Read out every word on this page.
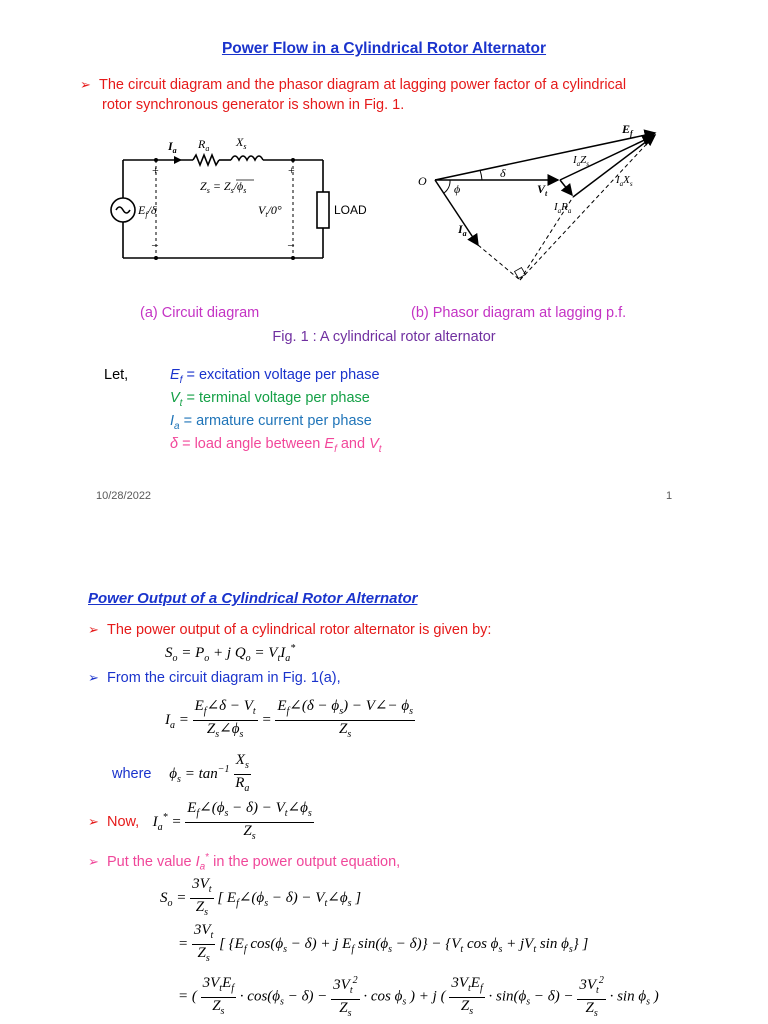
Power Flow in a Cylindrical Rotor Alternator
➢ The circuit diagram and the phasor diagram at lagging power factor of a cylindrical
rotor synchronous generator is shown in Fig. 1.
+	+
–	–
$I_a$ $R_a$ $X_s$
$Z_s = Z_s/\phi_s$
$E_f/\delta$	$V_t/0^\circ$	LOAD
O
ϕ
δ
$E_f$
$V_t$
$I_a$
$I_aR_a$
$I_aZ_s$
$I_aX_s$
(a) Circuit diagram	(b) Phasor diagram at lagging p.f.
Fig. 1 : A cylindrical rotor alternator
Let,	$E_f$ = excitation voltage per phase
$V_t$ = terminal voltage per phase
$I_a$ = armature current per phase
δ = load angle between $E_f$ and $V_t$
10/28/2022	1
Power Output of a Cylindrical Rotor Alternator
➢ The power output of a cylindrical rotor alternator is given by:
$S_o = P_o + j$ $Q_o = V_tI_a^*$
➢ From the circuit diagram in Fig. 1(a),
$I_a = \frac{E_f\angle\delta - V_t}{Z_s\angle\phi_s} = \frac{E_f\angle(\delta - \phi_s) - V\angle- \phi_s}{Z_s}$
where $\phi_s = \tan^{-1} \frac{X_s}{R_a}$
➢ Now, $I_a^* = \frac{E_f\angle(\phi_s - \delta) - V_t\angle\phi_s}{Z_s}$
➢ Put the value $I_a^*$ in the power output equation,
$S_o = \frac{3V_t}{Z_s}$ [ $E_f\angle(\phi_s - \delta)$ − $V_t\angle\phi_s$ ]
= $\frac{3V_t}{Z_s}$ [ {$E_f$ $\cos(\phi_s - \delta) + j$ $E_f$ $\sin(\phi_s - \delta)\} - \{V_t$ $\cos \phi_s + jV_t$ $\sin \phi_s$} ]
= ( $\frac{3V_tE_f}{Z_s} \cdot \cos(\phi_s - \delta) - \frac{3V_t^2}{Z_s} \cdot \cos \phi_s$ ) + j ( $\frac{3V_tE_f}{Z_s} \cdot \sin(\phi_s - \delta) - \frac{3V_t^2}{Z_s} \cdot \sin \phi_s$ )
